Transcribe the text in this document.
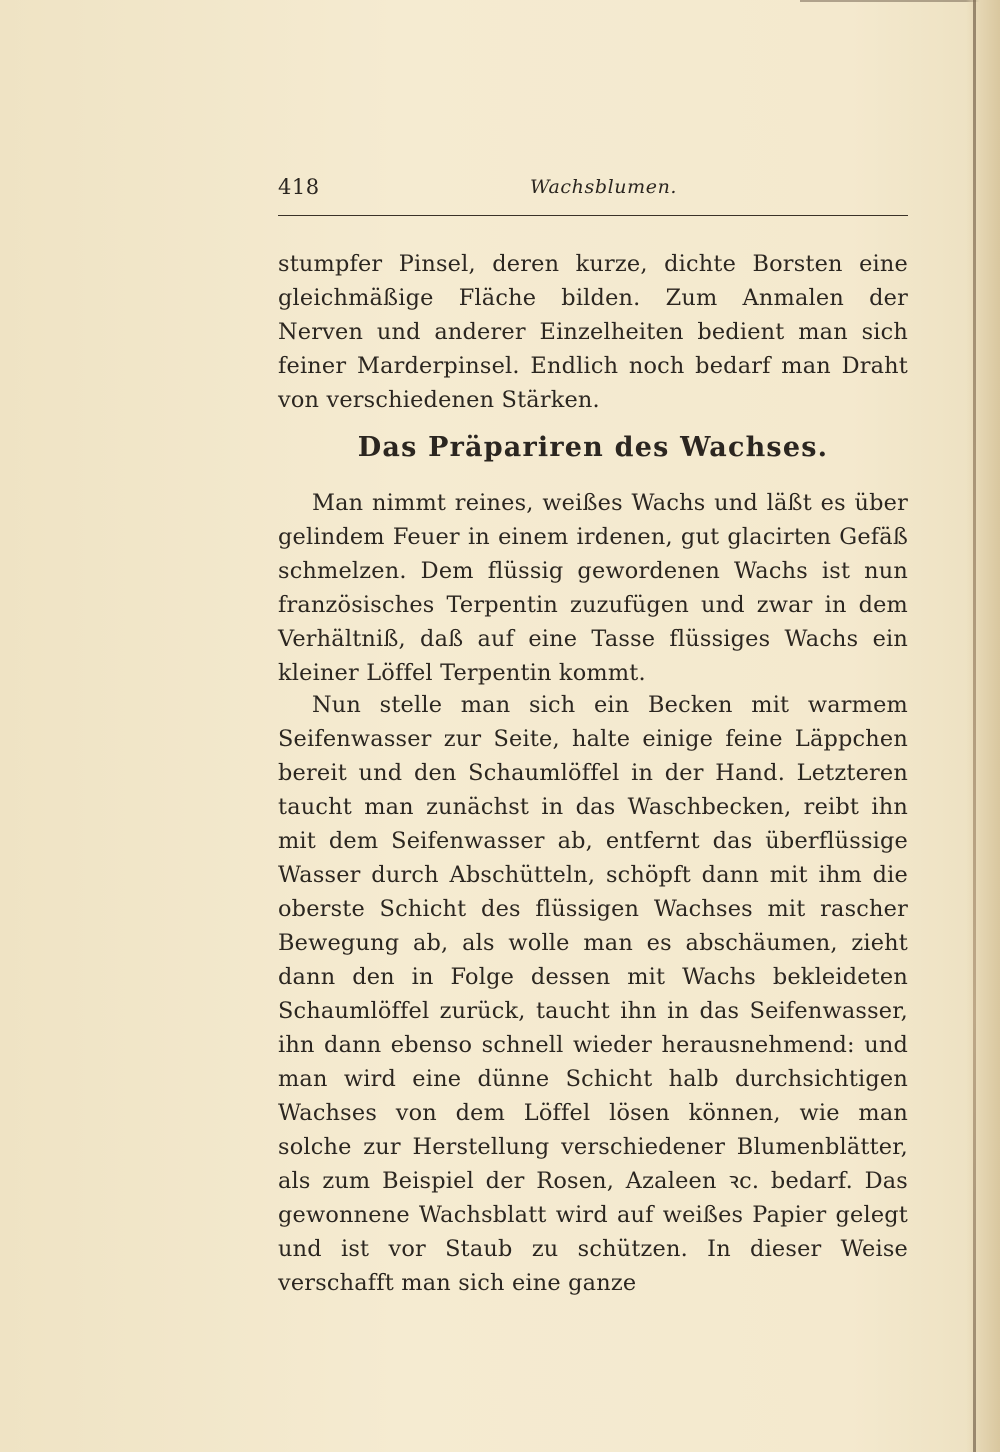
418	Wachsblumen.
stumpfer Pinsel, deren kurze, dichte Borsten eine gleichmäßige Fläche bilden. Zum Anmalen der Nerven und anderer Einzelheiten bedient man sich feiner Marderpinsel. Endlich noch bedarf man Draht von verschiedenen Stärken.
Das Präpariren des Wachses.
Man nimmt reines, weißes Wachs und läßt es über gelindem Feuer in einem irdenen, gut glacirten Gefäß schmelzen. Dem flüssig gewordenen Wachs ist nun französisches Terpentin zuzufügen und zwar in dem Verhältniß, daß auf eine Tasse flüssiges Wachs ein kleiner Löffel Terpentin kommt.
Nun stelle man sich ein Becken mit warmem Seifenwasser zur Seite, halte einige feine Läppchen bereit und den Schaumlöffel in der Hand. Letzteren taucht man zunächst in das Waschbecken, reibt ihn mit dem Seifenwasser ab, entfernt das überflüssige Wasser durch Abschütteln, schöpft dann mit ihm die oberste Schicht des flüssigen Wachses mit rascher Bewegung ab, als wolle man es abschäumen, zieht dann den in Folge dessen mit Wachs bekleideten Schaumlöffel zurück, taucht ihn in das Seifenwasser, ihn dann ebenso schnell wieder herausnehmend: und man wird eine dünne Schicht halb durchsichtigen Wachses von dem Löffel lösen können, wie man solche zur Herstellung verschiedener Blumenblätter, als zum Beispiel der Rosen, Azaleen ꝛc. bedarf. Das gewonnene Wachsblatt wird auf weißes Papier gelegt und ist vor Staub zu schützen. In dieser Weise verschafft man sich eine ganze
